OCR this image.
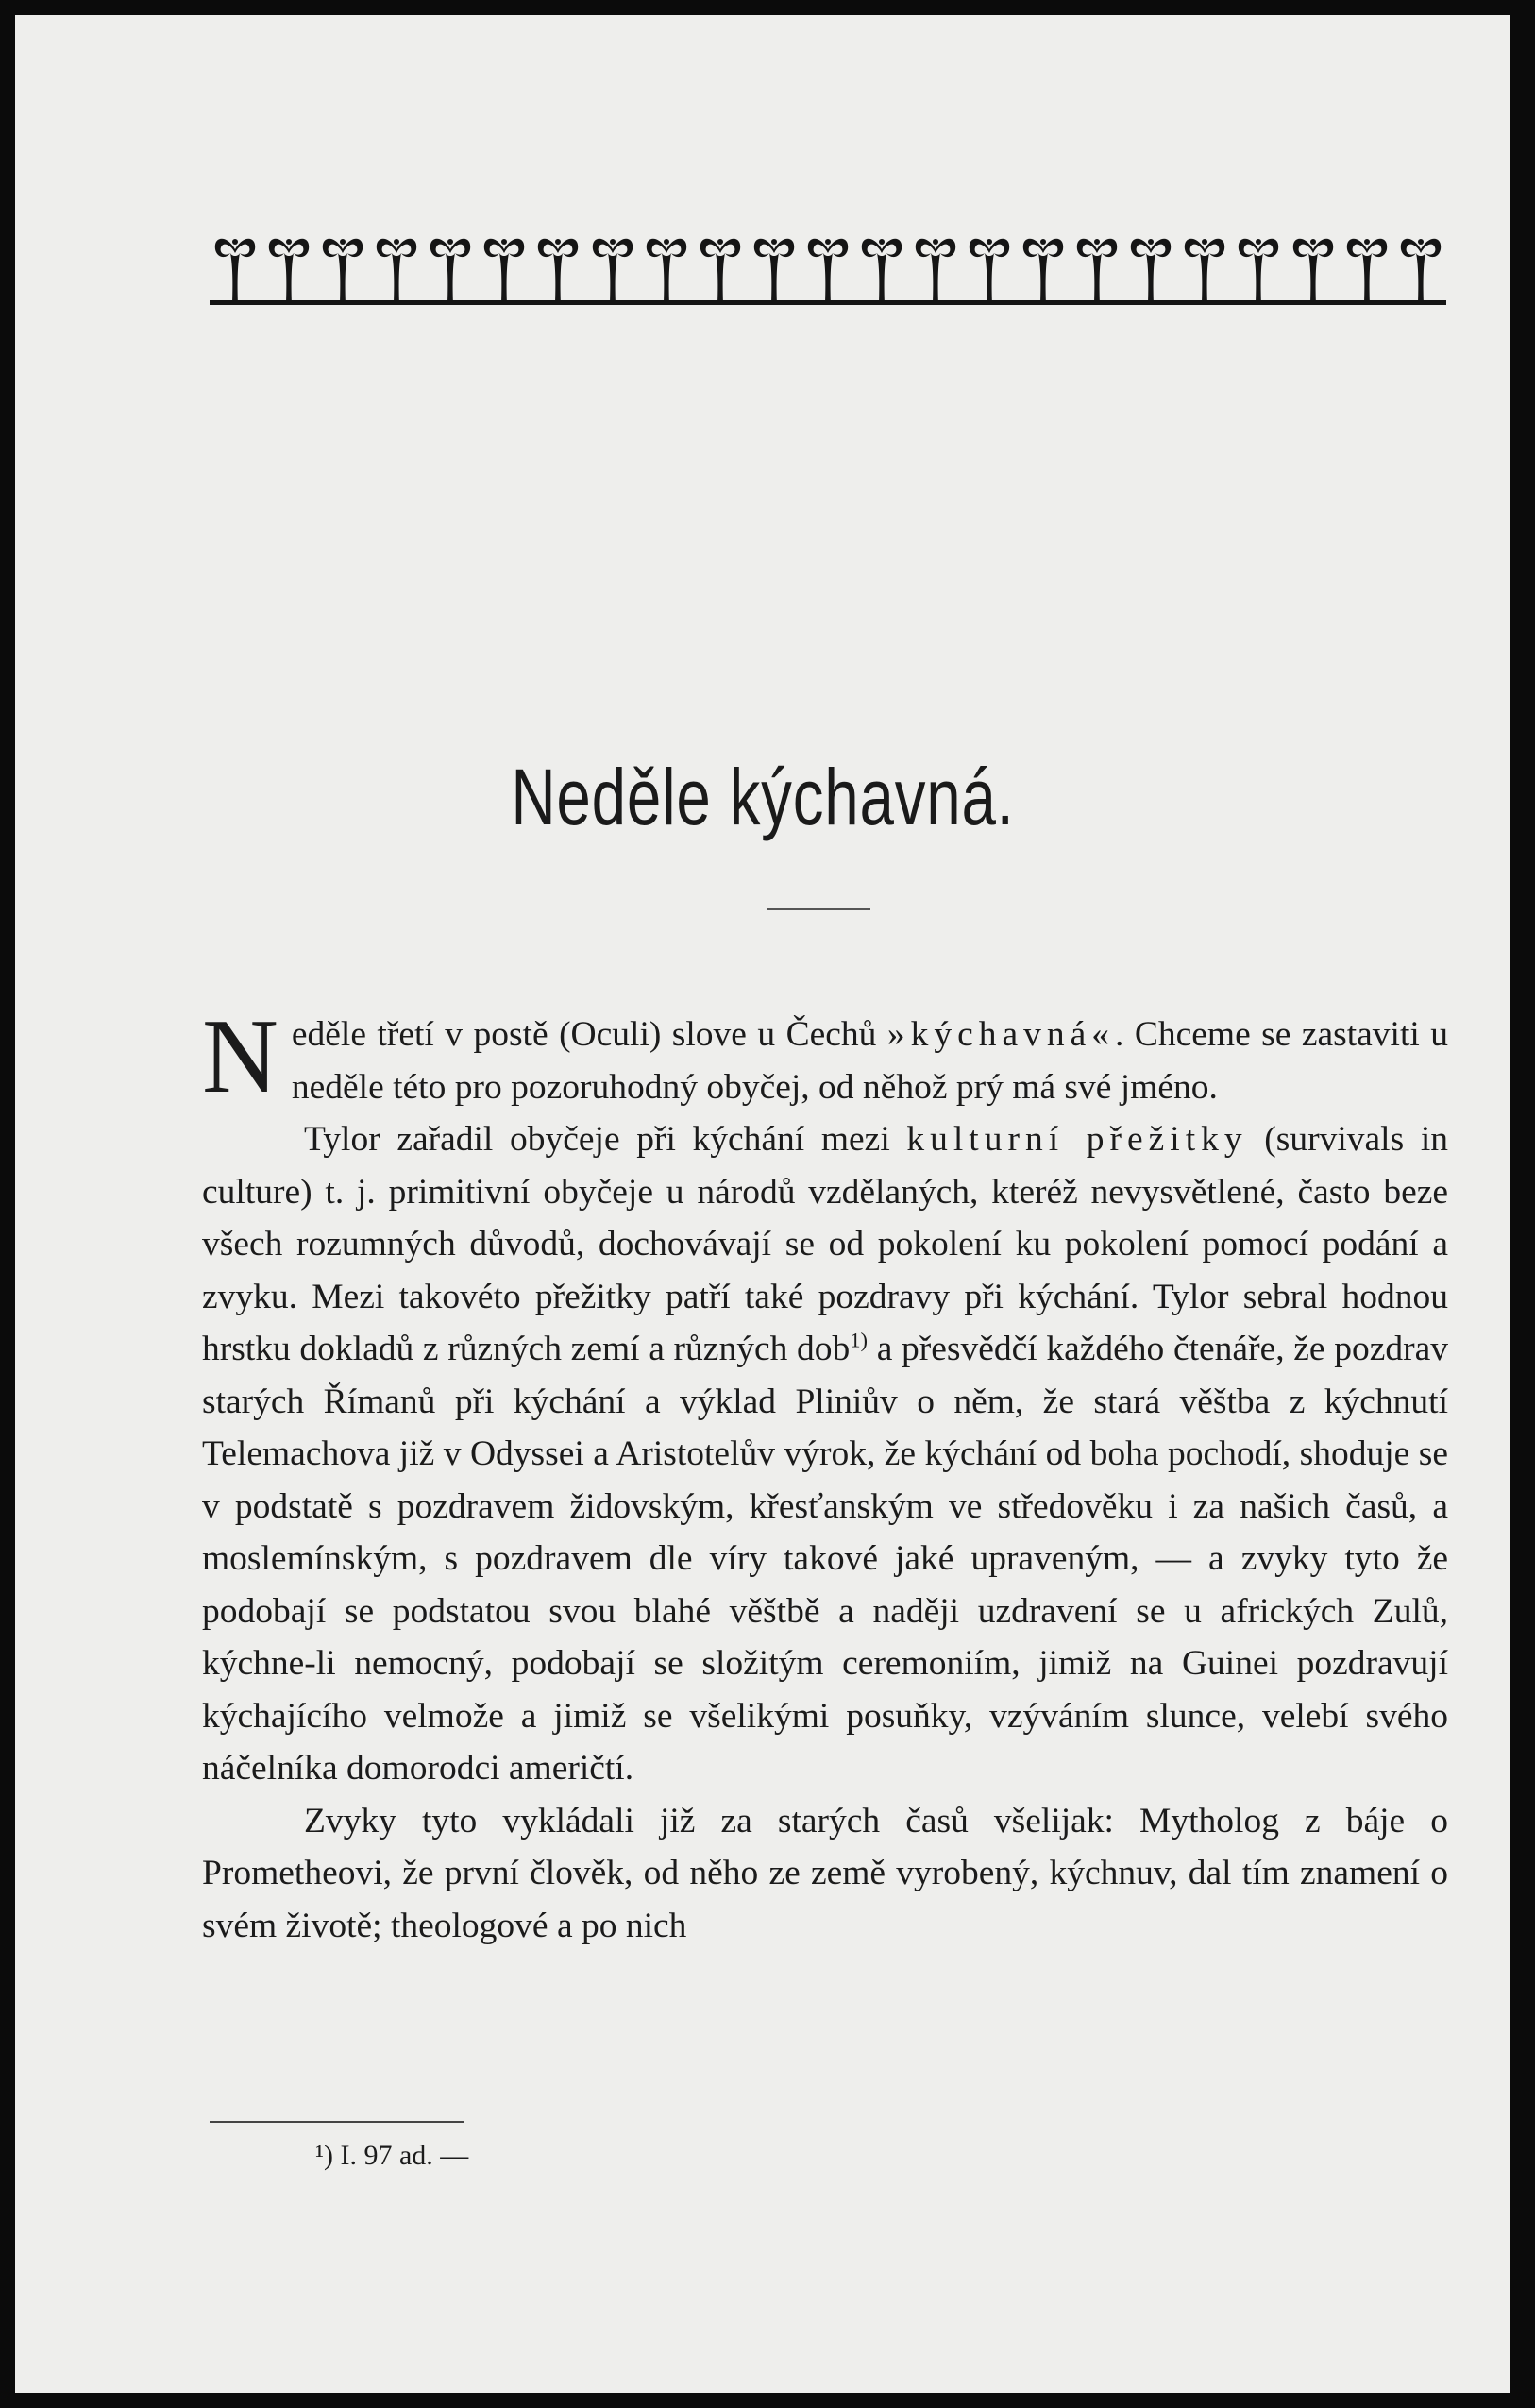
Neděle kýchavná.

Neděle třetí v postě (Oculi) slove u Čechů »kýchavná«. Chceme se zastaviti u neděle této pro pozoruhodný obyčej, od něhož prý má své jméno.

Tylor zařadil obyčeje při kýchání mezi kulturní přežitky (survivals in culture) t. j. primitivní obyčeje u národů vzdělaných, kteréž nevysvětlené, často beze všech rozumných důvodů, dochovávají se od pokolení ku pokolení pomocí podání a zvyku. Mezi takovéto přežitky patří také pozdravy při kýchání. Tylor sebral hodnou hrstku dokladů z různých zemí a různých dob$^{1)}$ a přesvědčí každého čtenáře, že pozdrav starých Římanů při kýchání a výklad Pliniův o něm, že stará věštba z kýchnutí Telemachova již v Odyssei a Aristotelův výrok, že kýchání od boha pochodí, shoduje se v podstatě s pozdravem židovským, křesťanským ve středověku i za našich časů, a moslemínským, s pozdravem dle víry takové jaké upraveným, — a zvyky tyto že podobají se podstatou svou blahé věštbě a naději uzdravení se u afrických Zulů, kýchne-li nemocný, podobají se složitým ceremoniím, jimiž na Guinei pozdravují kýchajícího velmože a jimiž se všelikými posuňky, vzýváním slunce, velebí svého náčelníka domorodci američtí.

Zvyky tyto vykládali již za starých časů všelijak: Mytholog z báje o Prometheovi, že první člověk, od něho ze země vyrobený, kýchnuv, dal tím znamení o svém životě; theologové a po nich

¹) I. 97 ad. —
